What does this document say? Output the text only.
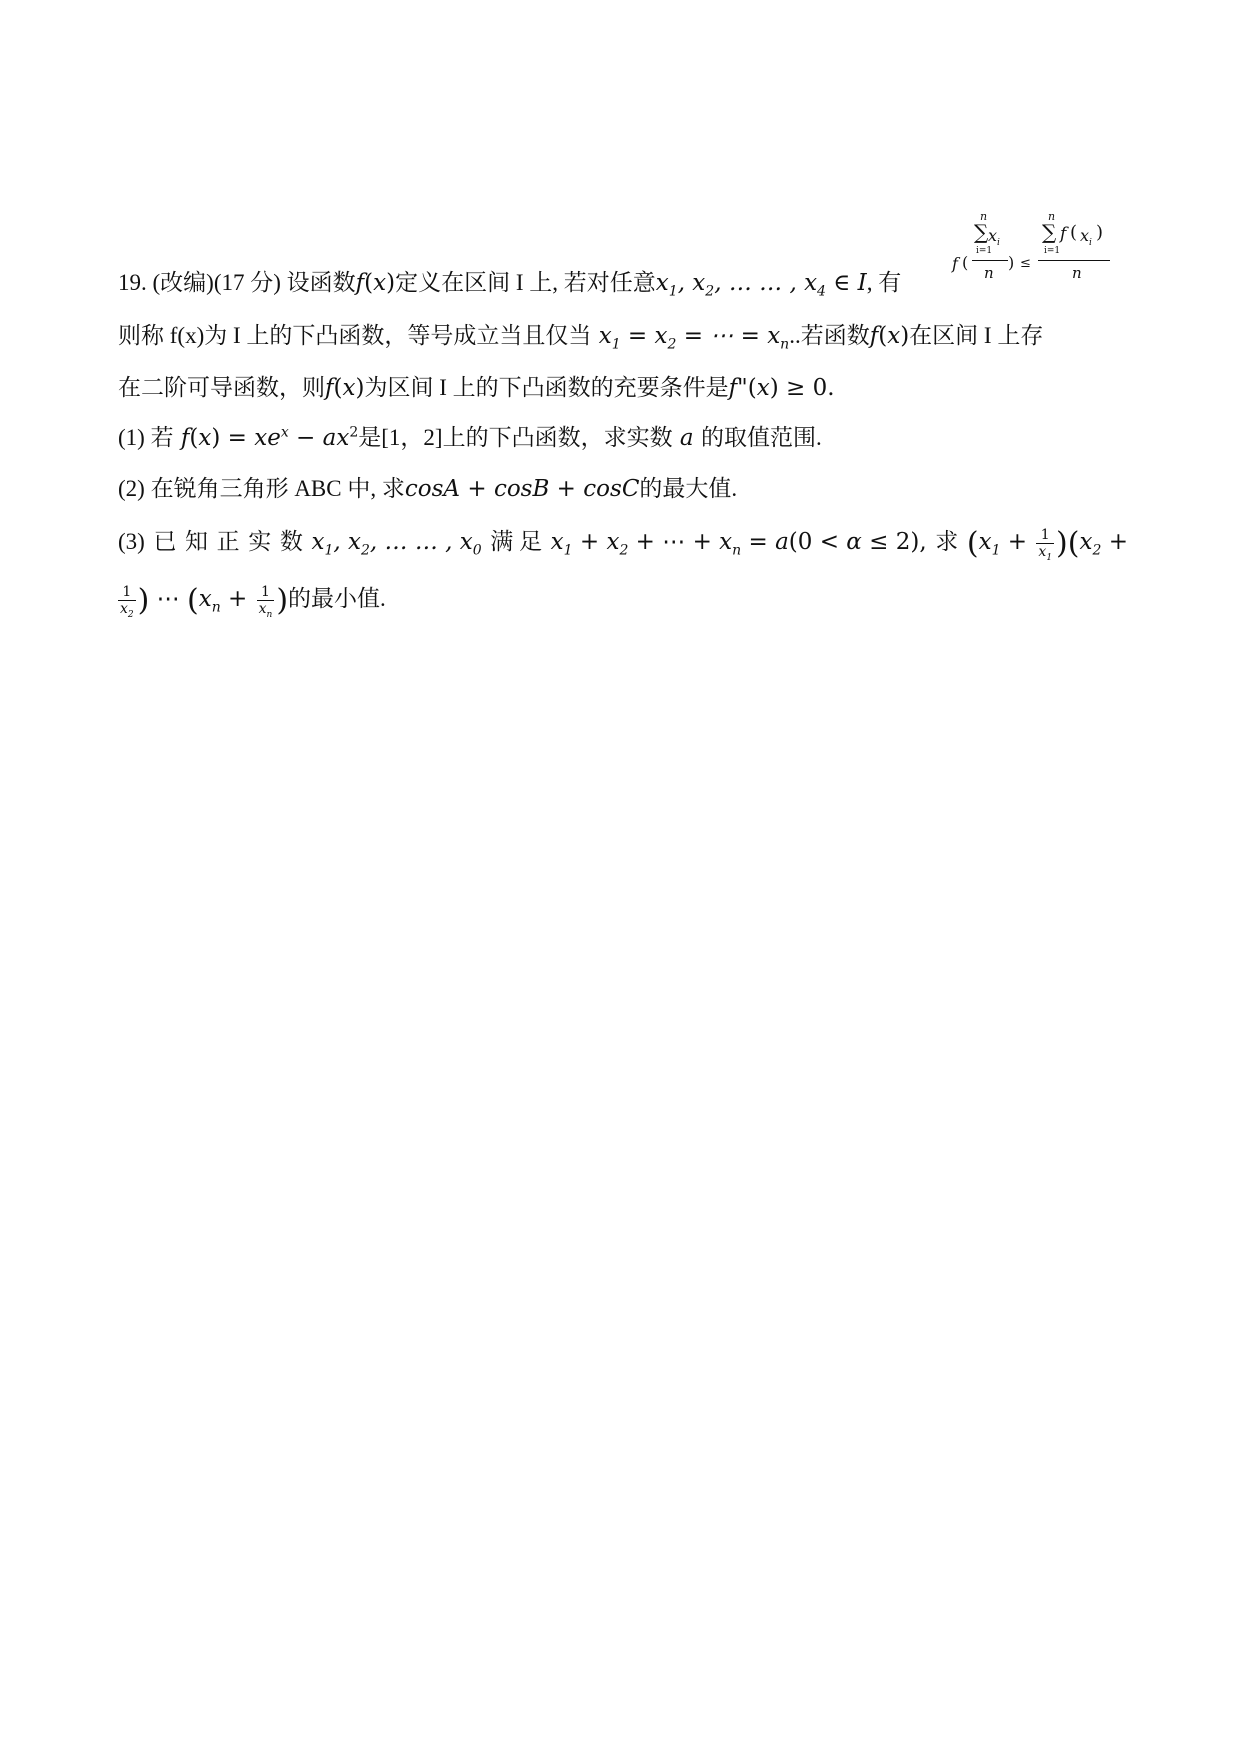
19. (改编)(17 分) 设函数f(x)定义在区间 I 上, 若对任意$x_1$, $x_2$, … … , $x_4$ ∈ I, 有
n
∑ $x_i$
i=1
f (
n
) ≤
n
∑ f ( $x_i$
)
i=1
n
则称 f(x)为 I 上的下凸函数，等号成立当且仅当 $x_1 = x_2$ = ⋯ = $x_n$..若函数f(x)在区间 I 上存
在二阶可导函数，则f(x)为区间 I 上的下凸函数的充要条件是f"(x) ≥ 0.
(1) 若 $f(x) = xe^x - ax^2$是[1，2]上的下凸函数，求实数 a 的取值范围.
(2) 在锐角三角形 ABC 中, 求cosA + cosB + cosC的最大值.
(3) 已 知 正 实 数 $x_1$, $x_2$, … … , $x_0$ 满 足 $x_1 + x_2$ + ⋯ + $x_n = a(0 < \alpha \le 2)$, 求 $(x_1 + \frac{1}{x_1} )(x_2$ +
$\frac{1}{x_2}$ ) ⋯ ($x_n + \frac{1}{x_n}$ )的最小值.
